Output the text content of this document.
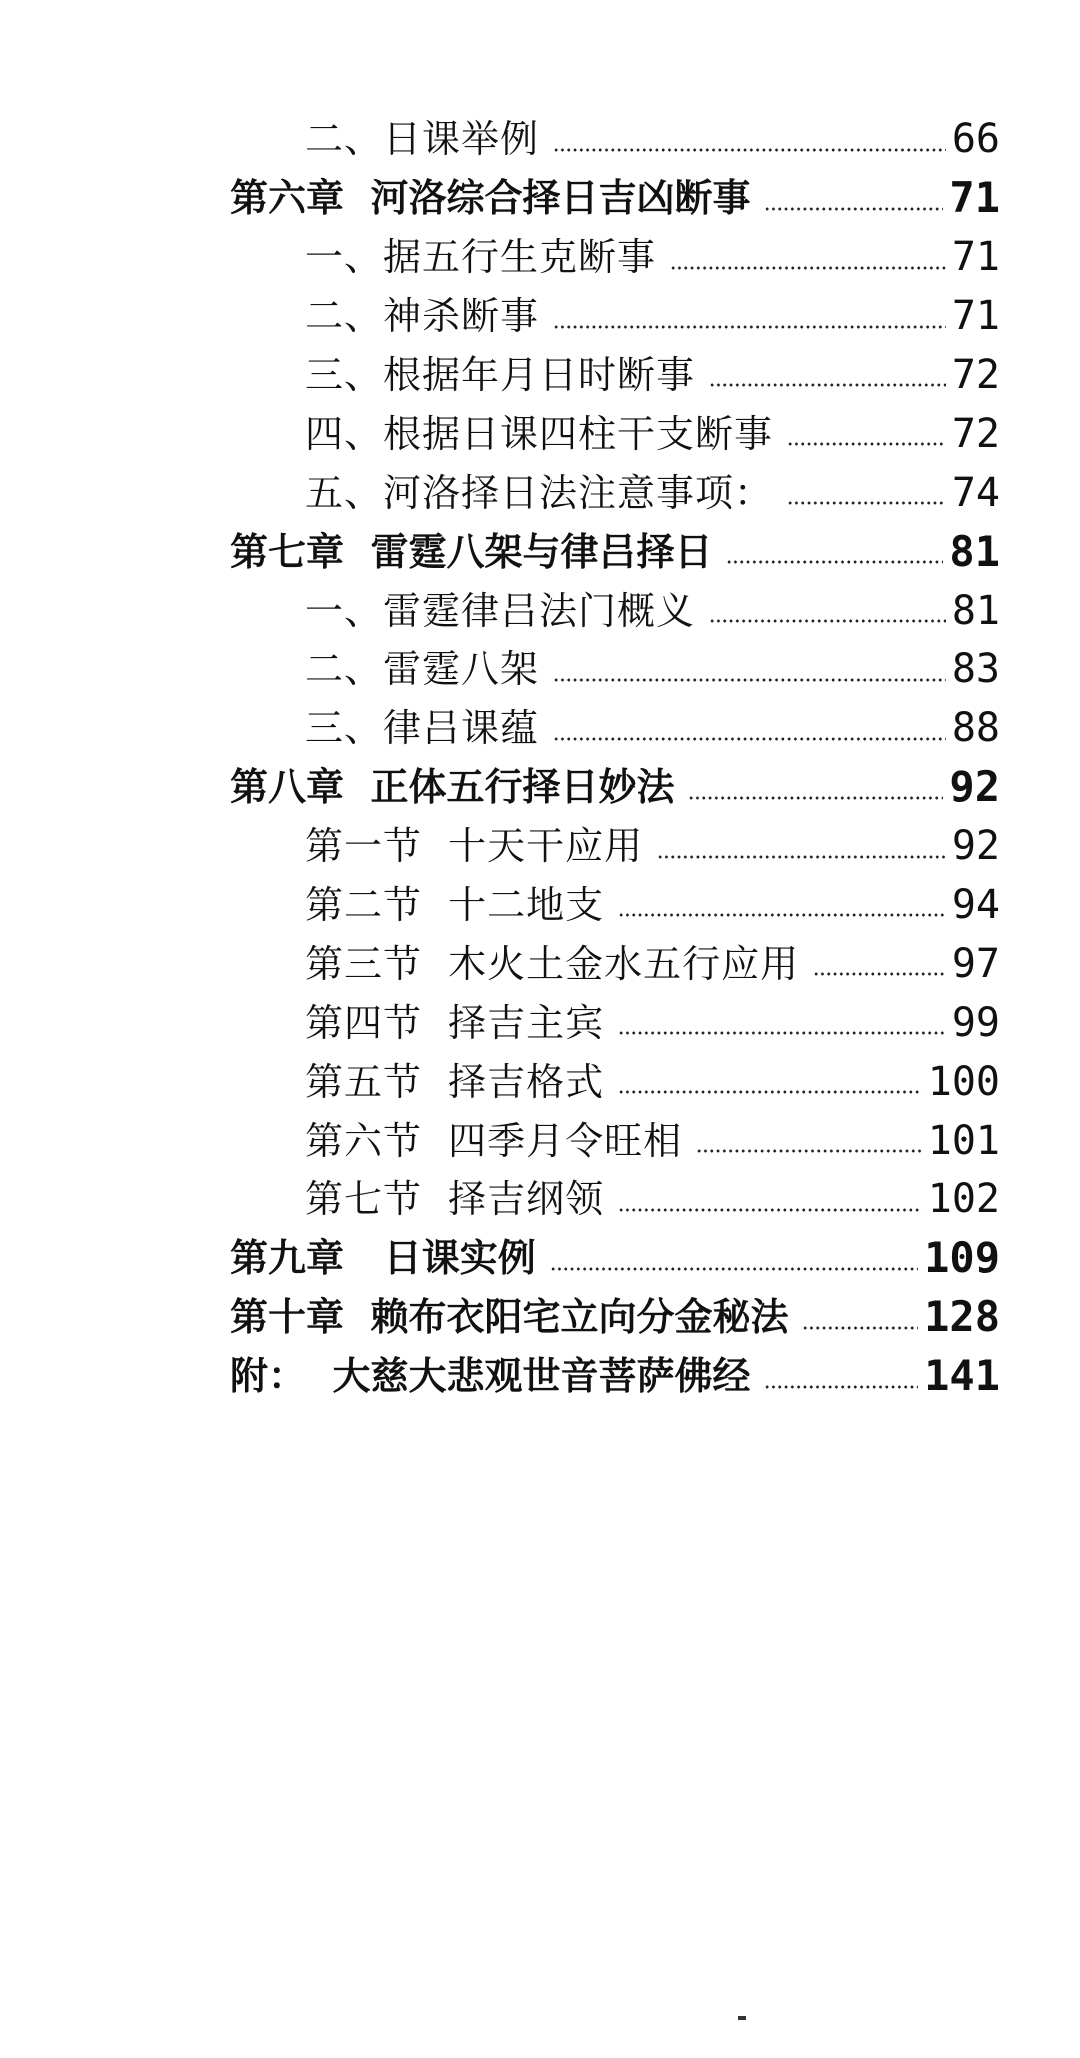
二、日课举例	66
第六章  河洛综合择日吉凶断事	71
一、据五行生克断事	71
二、神杀断事	71
三、根据年月日时断事	72
四、根据日课四柱干支断事	72
五、河洛择日法注意事项：	74
第七章  雷霆八架与律吕择日	81
一、雷霆律吕法门概义	81
二、雷霆八架	83
三、律吕课蕴	88
第八章  正体五行择日妙法	92
第一节  十天干应用	92
第二节  十二地支	94
第三节  木火土金水五行应用	97
第四节  择吉主宾	99
第五节  择吉格式	100
第六节  四季月令旺相	101
第七节  择吉纲领	102
第九章   日课实例	109
第十章  赖布衣阳宅立向分金秘法	128
附：  大慈大悲观世音菩萨佛经	141
